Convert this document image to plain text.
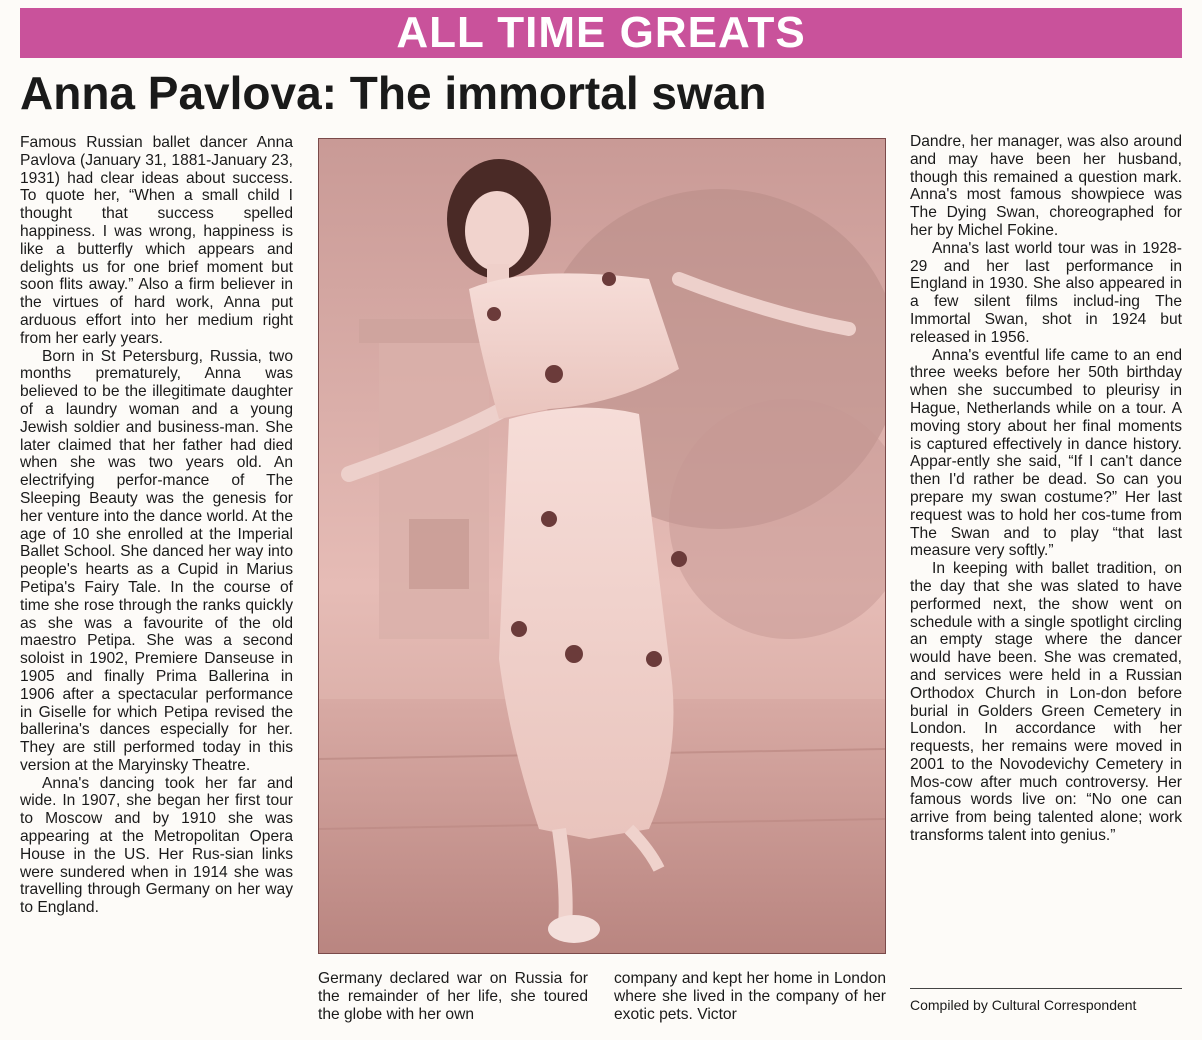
ALL TIME GREATS
Anna Pavlova: The immortal swan

Famous Russian ballet dancer Anna Pavlova (January 31, 1881-January 23, 1931) had clear ideas about success. To quote her, “When a small child I thought that success spelled happiness. I was wrong, happiness is like a butterfly which appears and delights us for one brief moment but soon flits away.” Also a firm believer in the virtues of hard work, Anna put arduous effort into her medium right from her early years.

Born in St Petersburg, Russia, two months prematurely, Anna was believed to be the illegitimate daughter of a laundry woman and a young Jewish soldier and business-man. She later claimed that her father had died when she was two years old. An electrifying perfor-mance of The Sleeping Beauty was the genesis for her venture into the dance world. At the age of 10 she enrolled at the Imperial Ballet School. She danced her way into people's hearts as a Cupid in Marius Petipa's Fairy Tale. In the course of time she rose through the ranks quickly as she was a favourite of the old maestro Petipa. She was a second soloist in 1902, Premiere Danseuse in 1905 and finally Prima Ballerina in 1906 after a spectacular performance in Giselle for which Petipa revised the ballerina's dances especially for her. They are still performed today in this version at the Maryinsky Theatre.

Anna's dancing took her far and wide. In 1907, she began her first tour to Moscow and by 1910 she was appearing at the Metropolitan Opera House in the US. Her Rus-sian links were sundered when in 1914 she was travelling through Germany on her way to England.

Germany declared war on Russia for the remainder of her life, she toured the globe with her own

company and kept her home in London where she lived in the company of her exotic pets. Victor

Dandre, her manager, was also around and may have been her husband, though this remained a question mark. Anna's most famous showpiece was The Dying Swan, choreographed for her by Michel Fokine.

Anna's last world tour was in 1928-29 and her last performance in England in 1930. She also appeared in a few silent films includ-ing The Immortal Swan, shot in 1924 but released in 1956.

Anna's eventful life came to an end three weeks before her 50th birthday when she succumbed to pleurisy in Hague, Netherlands while on a tour. A moving story about her final moments is captured effectively in dance history. Appar-ently she said, “If I can't dance then I'd rather be dead. So can you prepare my swan costume?” Her last request was to hold her cos-tume from The Swan and to play “that last measure very softly.”

In keeping with ballet tradition, on the day that she was slated to have performed next, the show went on schedule with a single spotlight circling an empty stage where the dancer would have been. She was cremated, and services were held in a Russian Orthodox Church in Lon-don before burial in Golders Green Cemetery in London. In accordance with her requests, her remains were moved in 2001 to the Novodevichy Cemetery in Mos-cow after much controversy. Her famous words live on: “No one can arrive from being talented alone; work transforms talent into genius.”

Compiled by Cultural Correspondent
